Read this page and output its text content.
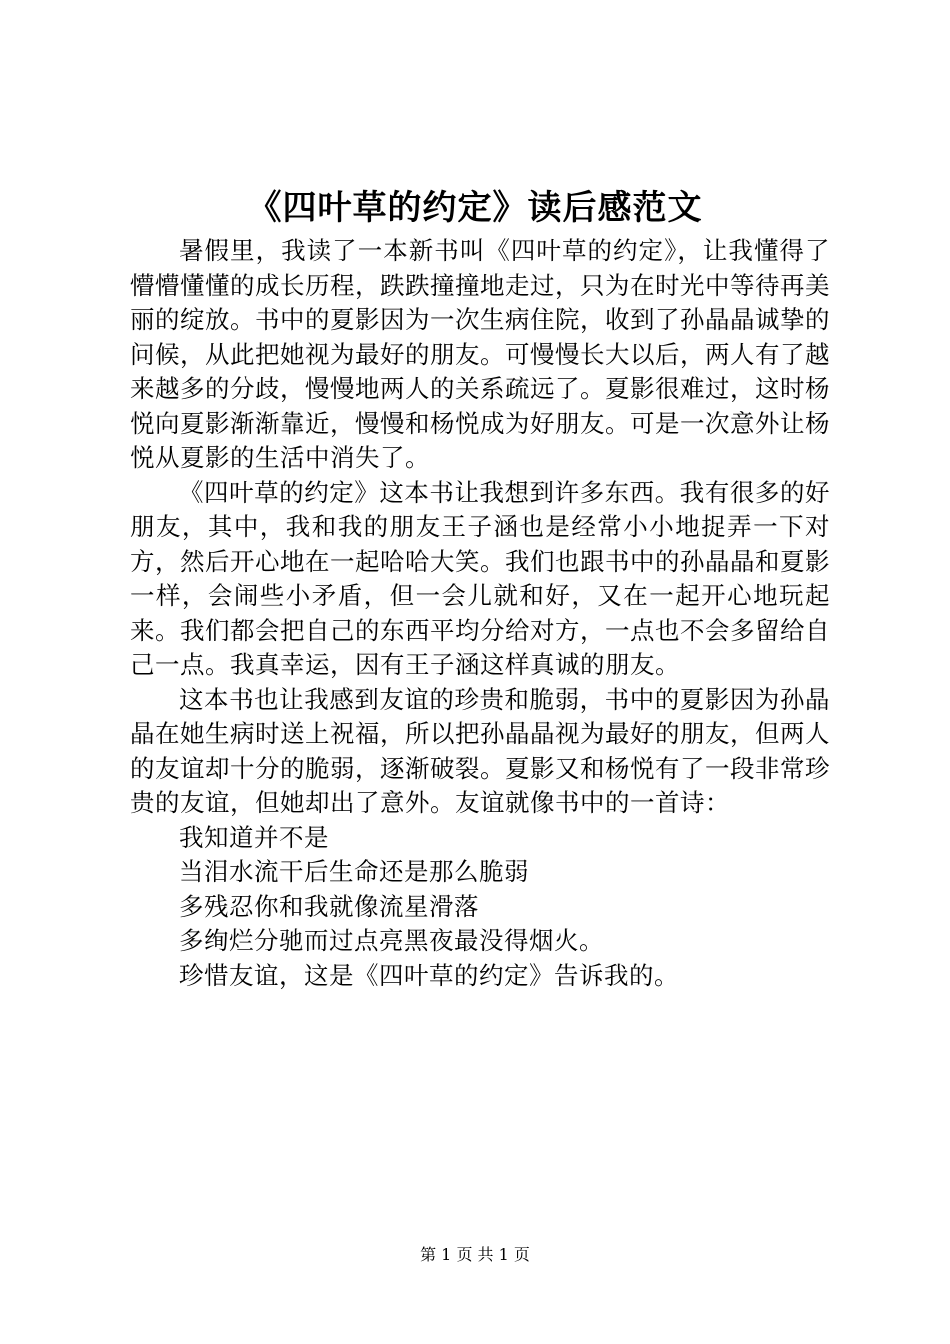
《四叶草的约定》读后感范文

暑假里，我读了一本新书叫《四叶草的约定》，让我懂得了懵懵懂懂的成长历程，跌跌撞撞地走过，只为在时光中等待再美丽的绽放。书中的夏影因为一次生病住院，收到了孙晶晶诚挚的问候，从此把她视为最好的朋友。可慢慢长大以后，两人有了越来越多的分歧，慢慢地两人的关系疏远了。夏影很难过，这时杨悦向夏影渐渐靠近，慢慢和杨悦成为好朋友。可是一次意外让杨悦从夏影的生活中消失了。

《四叶草的约定》这本书让我想到许多东西。我有很多的好朋友，其中，我和我的朋友王子涵也是经常小小地捉弄一下对方，然后开心地在一起哈哈大笑。我们也跟书中的孙晶晶和夏影一样，会闹些小矛盾，但一会儿就和好，又在一起开心地玩起来。我们都会把自己的东西平均分给对方，一点也不会多留给自己一点。我真幸运，因有王子涵这样真诚的朋友。

这本书也让我感到友谊的珍贵和脆弱，书中的夏影因为孙晶晶在她生病时送上祝福，所以把孙晶晶视为最好的朋友，但两人的友谊却十分的脆弱，逐渐破裂。夏影又和杨悦有了一段非常珍贵的友谊，但她却出了意外。友谊就像书中的一首诗：

我知道并不是
当泪水流干后生命还是那么脆弱
多残忍你和我就像流星滑落
多绚烂分驰而过点亮黑夜最没得烟火。
珍惜友谊，这是《四叶草的约定》告诉我的。
第 1 页 共 1 页
